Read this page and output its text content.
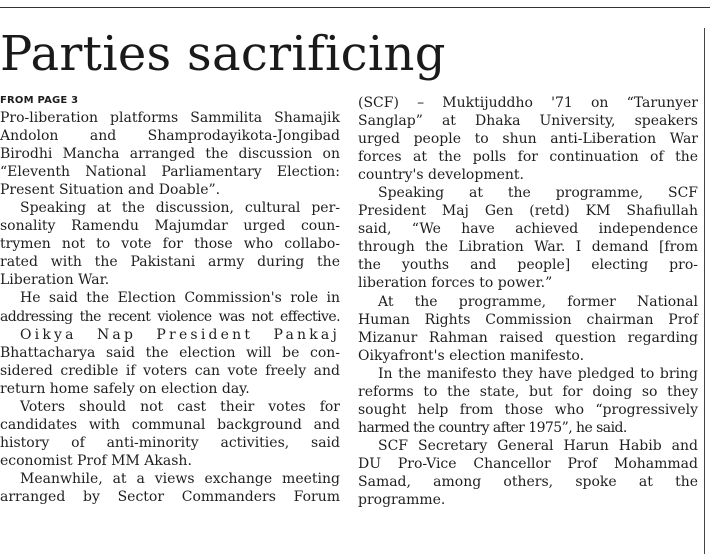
Parties sacrificing
FROM PAGE 3
Pro-liberation platforms Sammilita Shamajik
Andolon and Shamprodayikota-Jongibad
Birodhi Mancha arranged the discussion on
“Eleventh National Parliamentary Election:
Present Situation and Doable”.
Speaking at the discussion, cultural per-
sonality Ramendu Majumdar urged coun-
trymen not to vote for those who collabo-
rated with the Pakistani army during the
Liberation War.
He said the Election Commission's role in
addressing the recent violence was not effective.
Oikya Nap President Pankaj
Bhattacharya said the election will be con-
sidered credible if voters can vote freely and
return home safely on election day.
Voters should not cast their votes for
candidates with communal background and
history of anti-minority activities, said
economist Prof MM Akash.
Meanwhile, at a views exchange meeting
arranged by Sector Commanders Forum
(SCF) – Muktijuddho '71 on “Tarunyer
Sanglap” at Dhaka University, speakers
urged people to shun anti-Liberation War
forces at the polls for continuation of the
country's development.
Speaking at the programme, SCF
President Maj Gen (retd) KM Shafiullah
said, “We have achieved independence
through the Libration War. I demand [from
the youths and people] electing pro-
liberation forces to power.”
At the programme, former National
Human Rights Commission chairman Prof
Mizanur Rahman raised question regarding
Oikyafront's election manifesto.
In the manifesto they have pledged to bring
reforms to the state, but for doing so they
sought help from those who “progressively
harmed the country after 1975”, he said.
SCF Secretary General Harun Habib and
DU Pro-Vice Chancellor Prof Mohammad
Samad, among others, spoke at the
programme.
